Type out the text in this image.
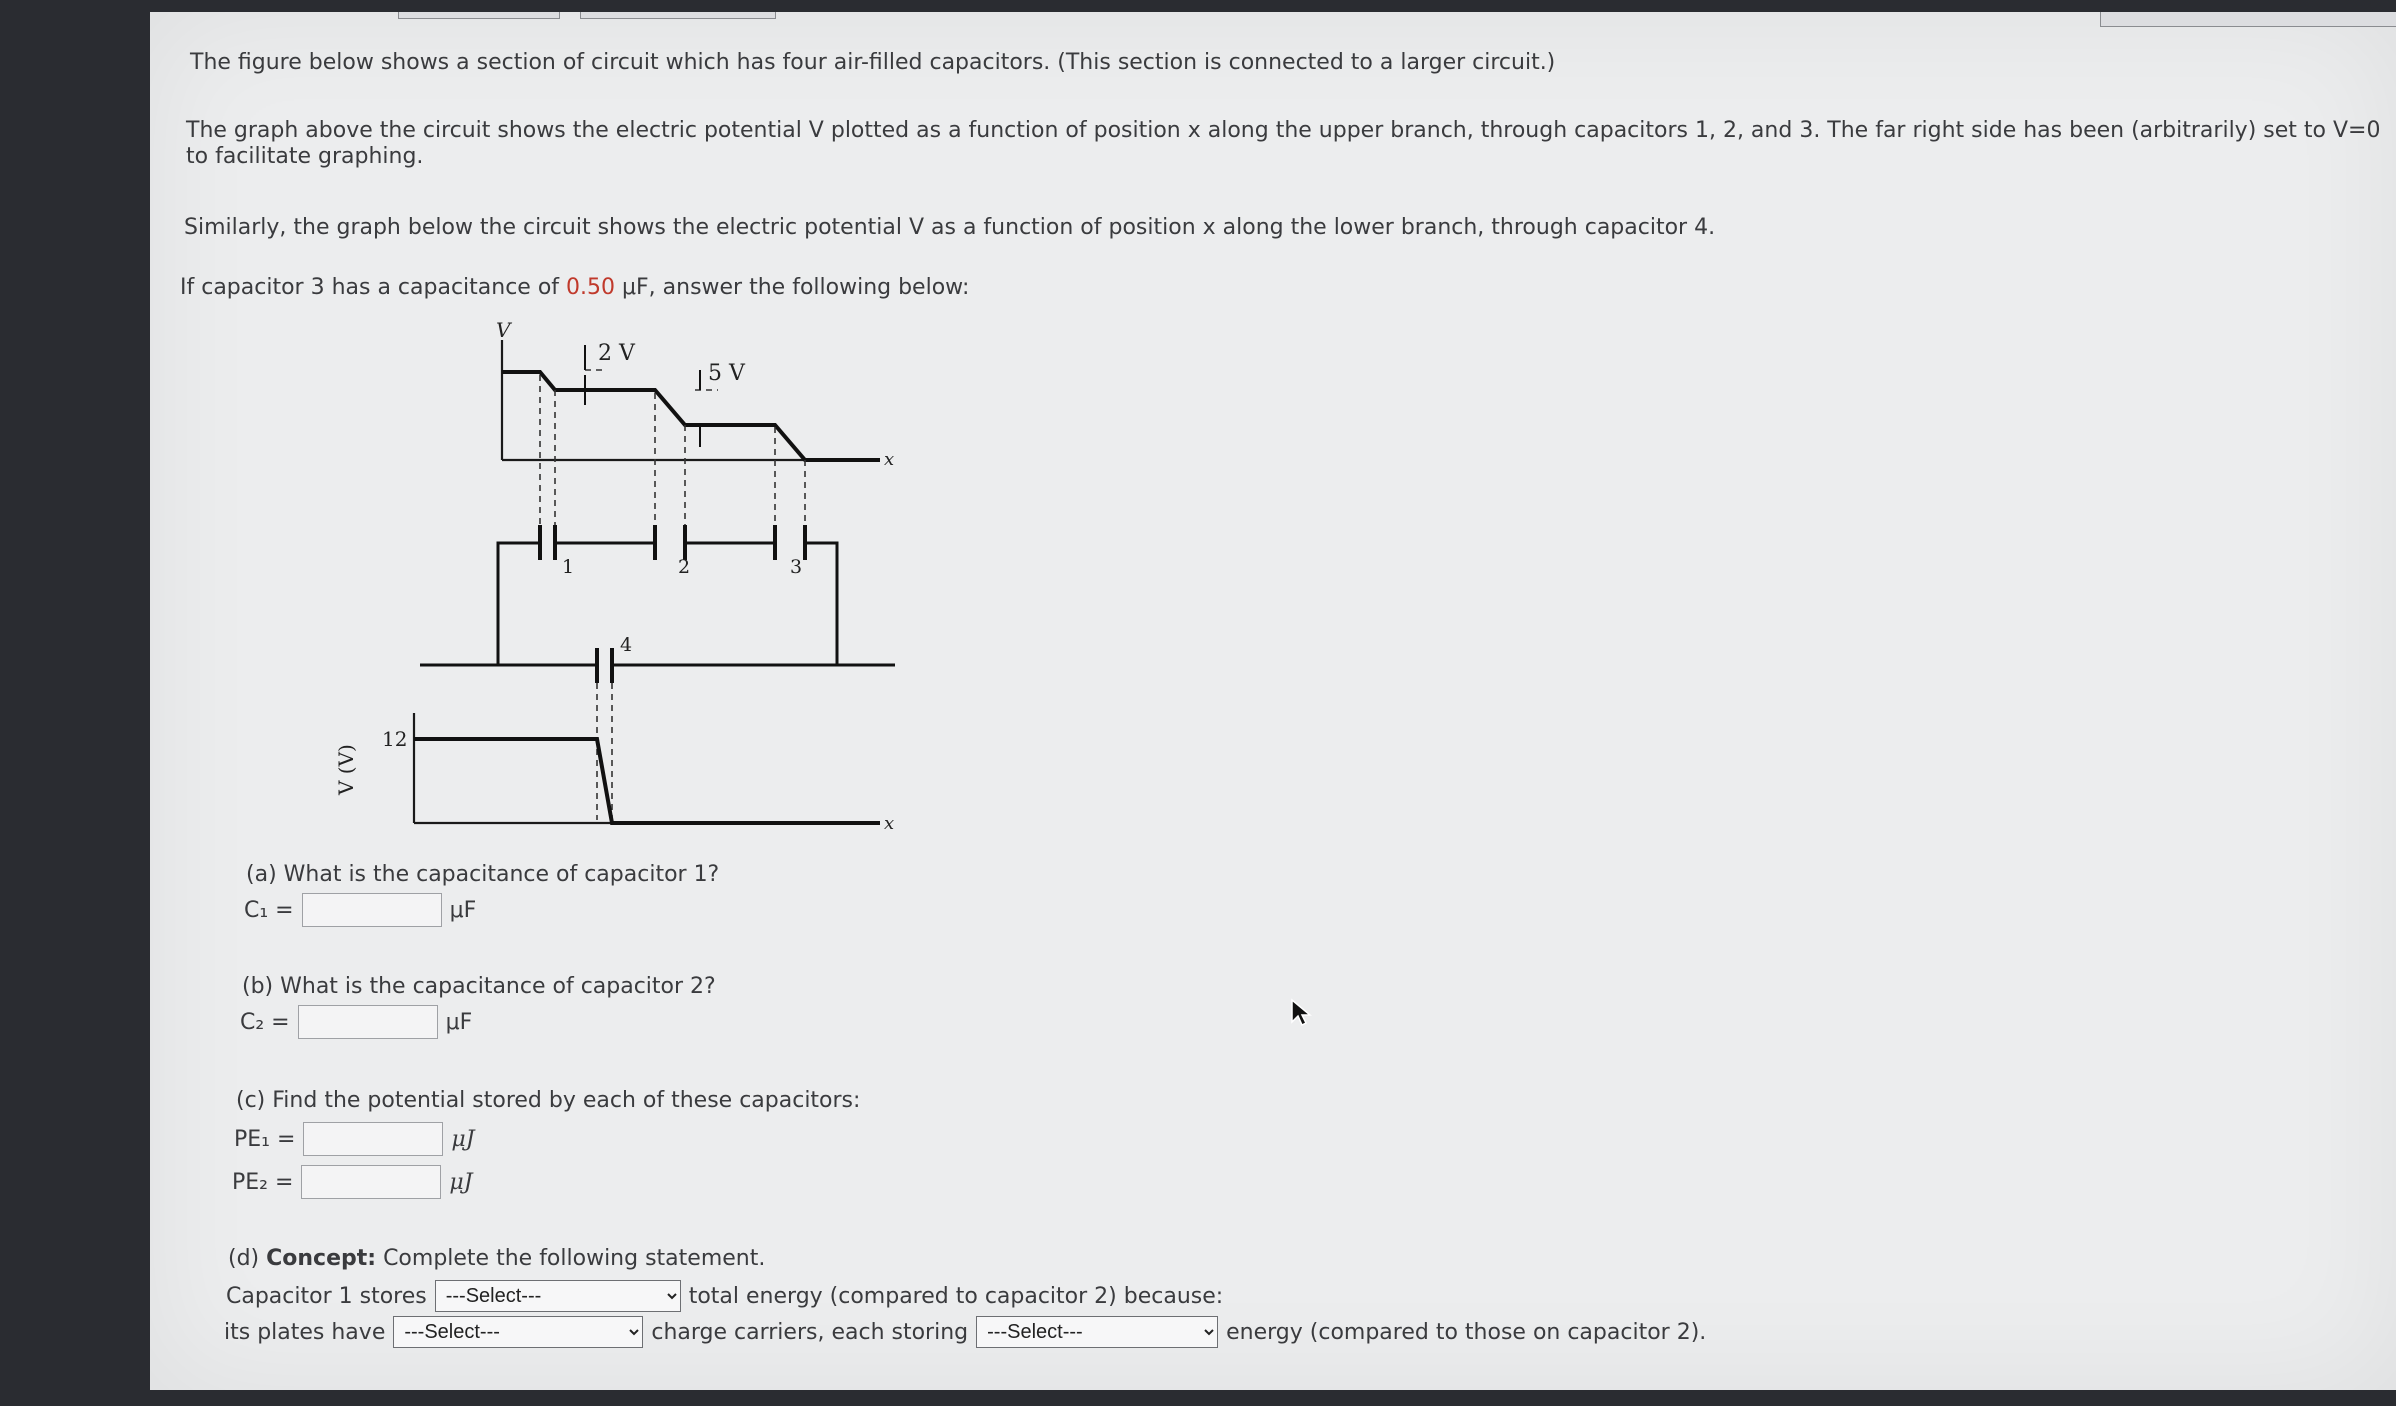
The figure below shows a section of circuit which has four air-filled capacitors. (This section is connected to a larger circuit.)
The graph above the circuit shows the electric potential V plotted as a function of position x along the upper branch, through capacitors 1, 2, and 3. The far right side has been (arbitrarily) set to V=0
to facilitate graphing.
Similarly, the graph below the circuit shows the electric potential V as a function of position x along the lower branch, through capacitor 4.
If capacitor 3 has a capacitance of 0.50 μF, answer the following below:
2 V
5 V
V
x
1	2	3
4
12
V (V)
x
(a) What is the capacitance of capacitor 1?
C₁ =	μF
(b) What is the capacitance of capacitor 2?
C₂ =	μF
(c) Find the potential stored by each of these capacitors:
PE₁ =	μJ
PE₂ =	μJ
(d) Concept: Complete the following statement.
Capacitor 1 stores
---Select---	total energy (compared to capacitor 2) because:
its plates have
---Select---	charge carriers, each storing
---Select---	energy (compared to those on capacitor 2).
